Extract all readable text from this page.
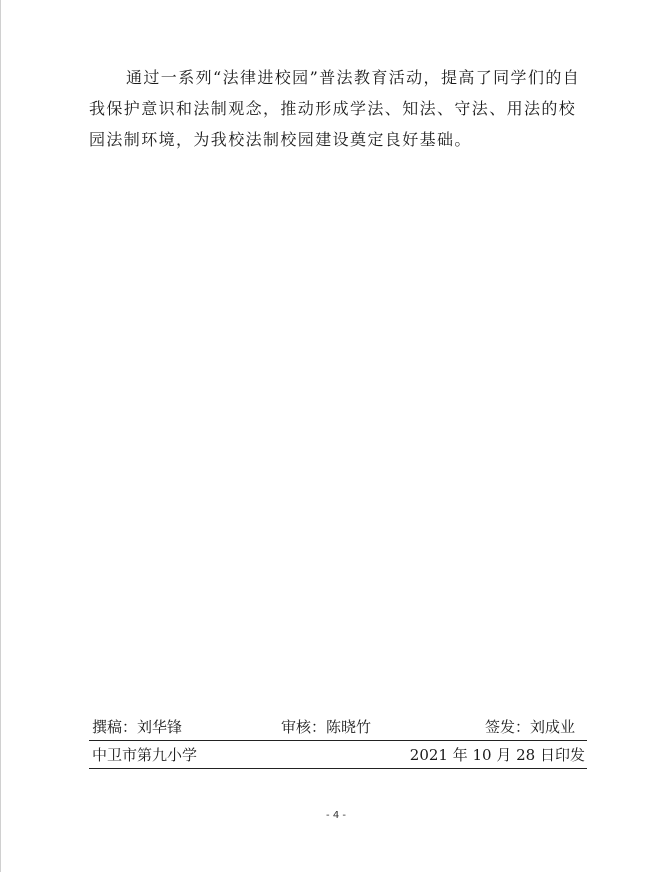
通过一系列“法律进校园”普法教育活动，提高了同学们的自我保护意识和法制观念，推动形成学法、知法、守法、用法的校园法制环境，为我校法制校园建设奠定良好基础。

撰稿：刘华锋	审核：陈晓竹	签发：刘成业
中卫市第九小学	2021 年 10 月 28 日印发
- 4 -
